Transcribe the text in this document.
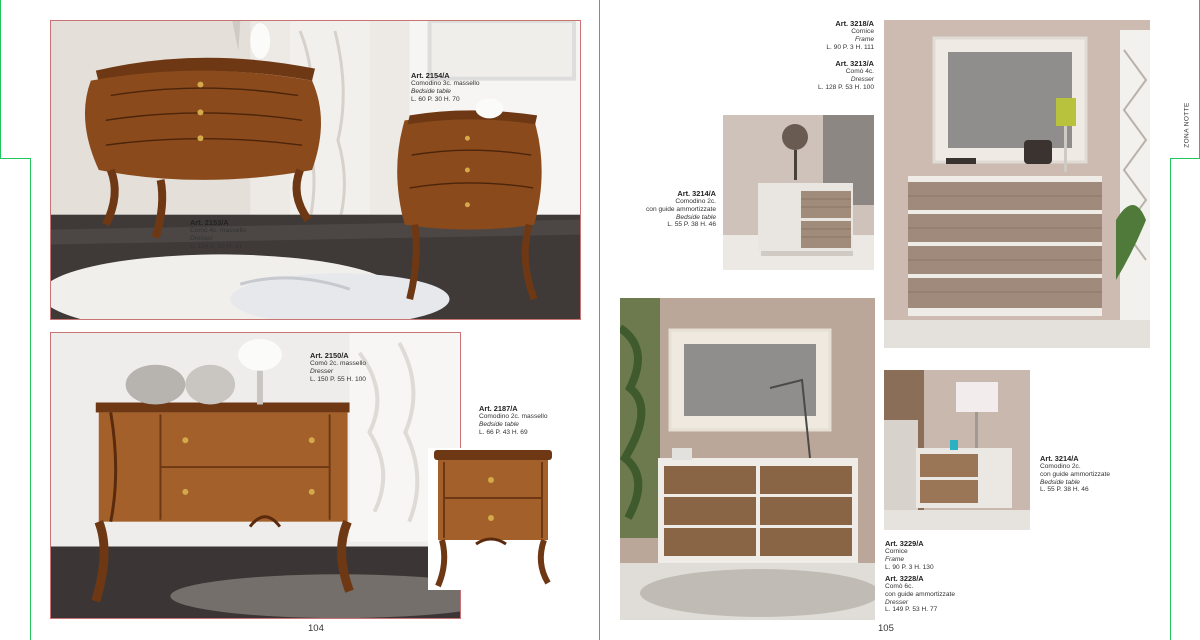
Art. 2154/A
Comodino 3c. massello
Bedside table
L. 60 P. 30 H. 70
Art. 2153/A
Comò 4c. massello
Dresser
L. 134 P. 50 H. 91
Art. 2150/A
Comò 2c. massello
Dresser
L. 150 P. 55 H. 100
Art. 2187/A
Comodino 2c. massello
Bedside table
L. 66 P. 43 H. 69
104
Art. 3218/A
Cornice
Frame
L. 90 P. 3 H. 111
Art. 3213/A
Comò 4c.
Dresser
L. 128 P. 53 H. 100
Art. 3214/A
Comodino 2c.
con guide ammortizzate
Bedside table
L. 55 P. 38 H. 46
Art. 3214/A
Comodino 2c.
con guide ammortizzate
Bedside table
L. 55 P. 38 H. 46
Art. 3229/A
Cornice
Frame
L. 90 P. 3 H. 130
Art. 3228/A
Comò 6c.
con guide ammortizzate
Dresser
L. 149 P. 53 H. 77
105
ZONA NOTTE
